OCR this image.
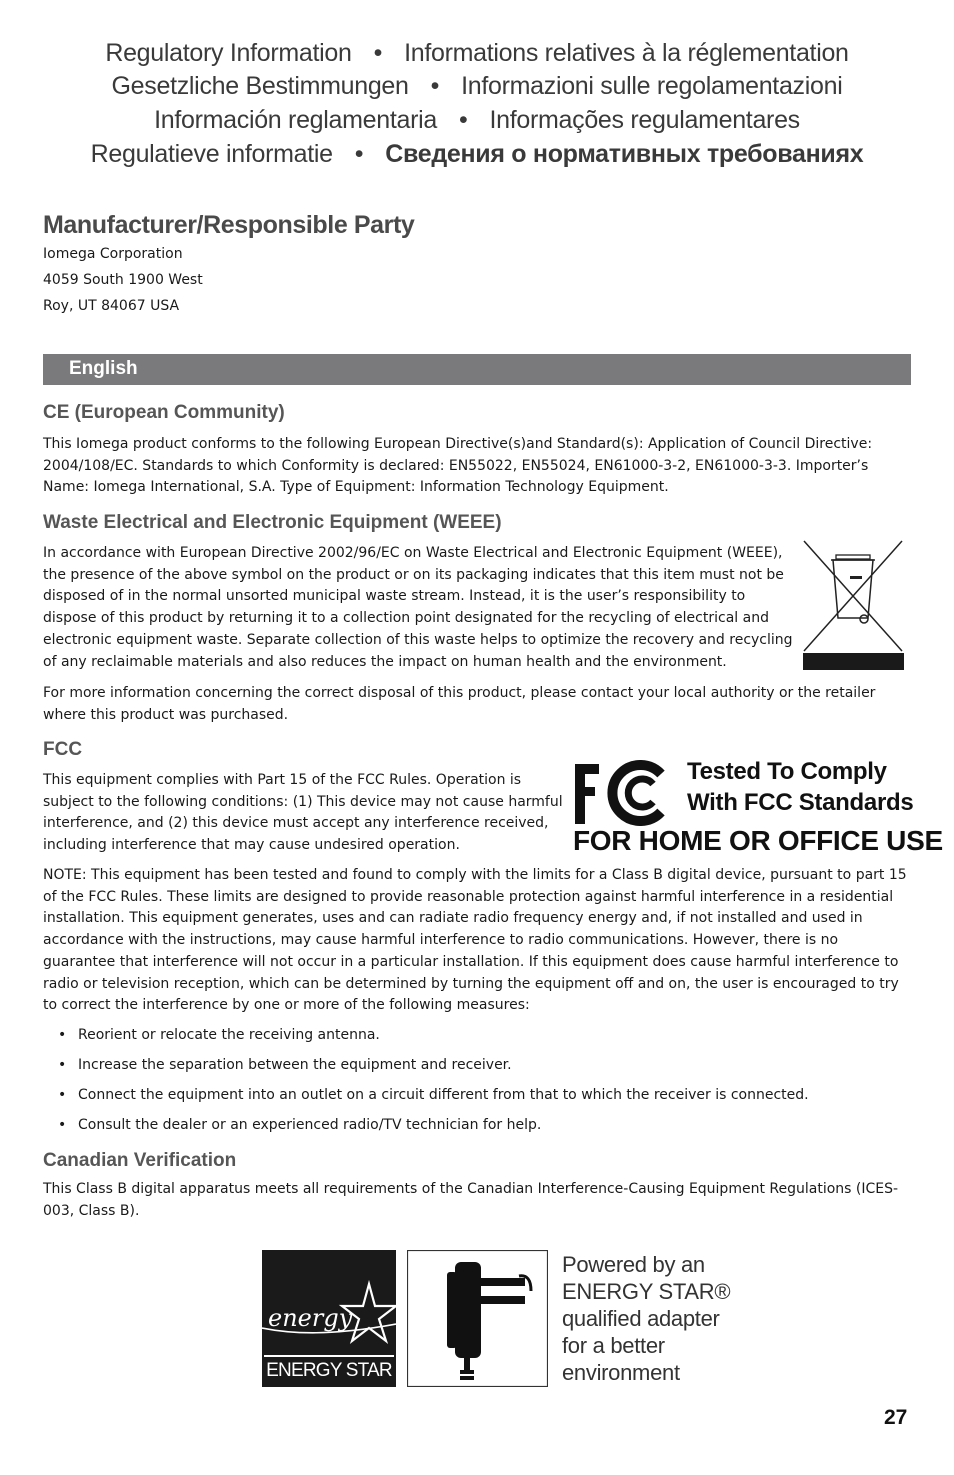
Regulatory Information • Informations relatives à la réglementation
Gesetzliche Bestimmungen • Informazioni sulle regolamentazioni
Información reglamentaria • Informações regulamentares
Regulatieve informatie • Сведения о нормативных требованиях
Manufacturer/Responsible Party
Iomega Corporation
4059 South 1900 West
Roy, UT 84067 USA
English
CE (European Community)

This Iomega product conforms to the following European Directive(s)and Standard(s): Application of Council Directive: 2004/108/EC. Standards to which Conformity is declared: EN55022, EN55024, EN61000-3-2, EN61000-3-3. Importer’s Name: Iomega International, S.A. Type of Equipment: Information Technology Equipment.

Waste Electrical and Electronic Equipment (WEEE)

In accordance with European Directive 2002/96/EC on Waste Electrical and Electronic Equipment (WEEE), the presence of the above symbol on the product or on its packaging indicates that this item must not be disposed of in the normal unsorted municipal waste stream. Instead, it is the user’s responsibility to dispose of this product by returning it to a collection point designated for the recycling of electrical and electronic equipment waste. Separate collection of this waste helps to optimize the recovery and recycling of any reclaimable materials and also reduces the impact on human health and the environment.

For more information concerning the correct disposal of this product, please contact your local authority or the retailer where this product was purchased.

FCC

This equipment complies with Part 15 of the FCC Rules. Operation is subject to the following conditions: (1) This device may not cause harmful interference, and (2) this device must accept any interference received, including interference that may cause undesired operation.

Tested To Comply
With FCC Standards
FOR HOME OR OFFICE USE

NOTE: This equipment has been tested and found to comply with the limits for a Class B digital device, pursuant to part 15 of the FCC Rules. These limits are designed to provide reasonable protection against harmful interference in a residential installation. This equipment generates, uses and can radiate radio frequency energy and, if not installed and used in accordance with the instructions, may cause harmful interference to radio communications. However, there is no guarantee that interference will not occur in a particular installation. If this equipment does cause harmful interference to radio or television reception, which can be determined by turning the equipment off and on, the user is encouraged to try to correct the interference by one or more of the following measures:

• Reorient or relocate the receiving antenna.
• Increase the separation between the equipment and receiver.
• Connect the equipment into an outlet on a circuit different from that to which the receiver is connected.
• Consult the dealer or an experienced radio/TV technician for help.
Canadian Verification

This Class B digital apparatus meets all requirements of the Canadian Interference-Causing Equipment Regulations (ICES-003, Class B).

energy
ENERGY STAR
Powered by an
ENERGY STAR®
qualified adapter
for a better
environment
27
